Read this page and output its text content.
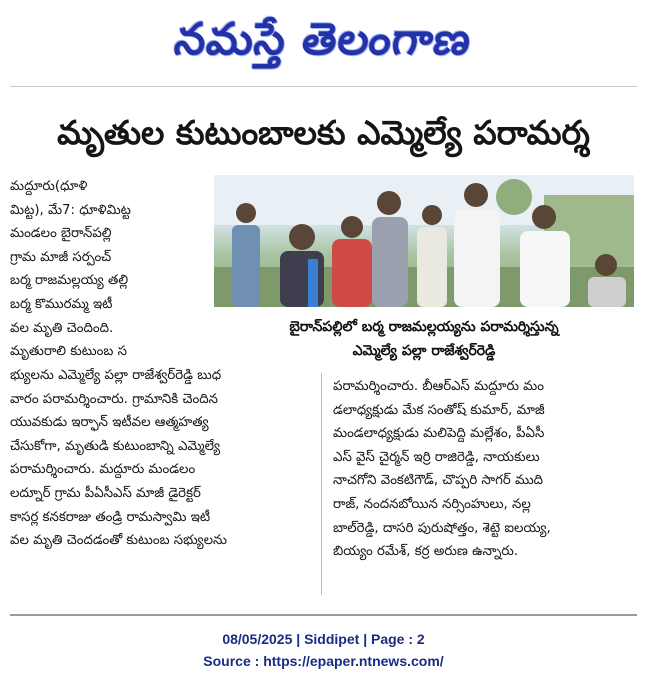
నమస్తే తెలంగాణ
మృతుల కుటుంబాలకు ఎమ్మెల్యే పరామర్శ
మద్దూరు(ధూళి
మిట్ట), మే7: ధూళిమిట్ట
మండలం బైరాన్‌పల్లి
గ్రామ మాజీ సర్పంచ్
బర్మ రాజమల్లయ్య తల్లి
బర్మ కొమురమ్మ ఇటీ
వల మృతి చెందింది.
మృతురాలి కుటుంబ స
బైరాన్‌పల్లిలో బర్మ రాజమల్లయ్యను పరామర్శిస్తున్న
ఎమ్మెల్యే పల్లా రాజేశ్వర్‌రెడ్డి
భ్యులను ఎమ్మెల్యే పల్లా రాజేశ్వర్‌రెడ్డి బుధ
వారం పరామర్శించారు. గ్రామానికి చెందిన
యువకుడు ఇర్ఫాన్ ఇటీవల ఆత్మహత్య
చేసుకోగా, మృతుడి కుటుంబాన్ని ఎమ్మెల్యే
పరామర్శించారు. మద్దూరు మండలం
లద్నూర్ గ్రామ పీఏసీఎస్ మాజీ డైరెక్టర్
కాసర్ల కనకరాజు తండ్రి రామస్వామి ఇటీ
వల మృతి చెందడంతో కుటుంబ సభ్యులను
పరామర్శించారు. బీఆర్‌ఎస్ మద్దూరు మం
డలాధ్యక్షుడు మేక సంతోష్ కుమార్, మాజీ
మండలాధ్యక్షుడు మలిపెద్ది మల్లేశం, పీఏసీ
ఎస్ వైస్ చైర్మన్ ఇర్రి రాజిరెడ్డి, నాయకులు
నాచగోని వెంకటిగౌడ్, చొప్పరి సాగర్ ముది
రాజ్, నందనబోయిన నర్సింహులు, నల్ల
బాల్‌రెడ్డి, దాసరి పురుషోత్తం, శెట్టె ఐలయ్య,
బియ్యం రమేశ్, కర్ర అరుణ ఉన్నారు.
08/05/2025 | Siddipet | Page : 2
Source : https://epaper.ntnews.com/
